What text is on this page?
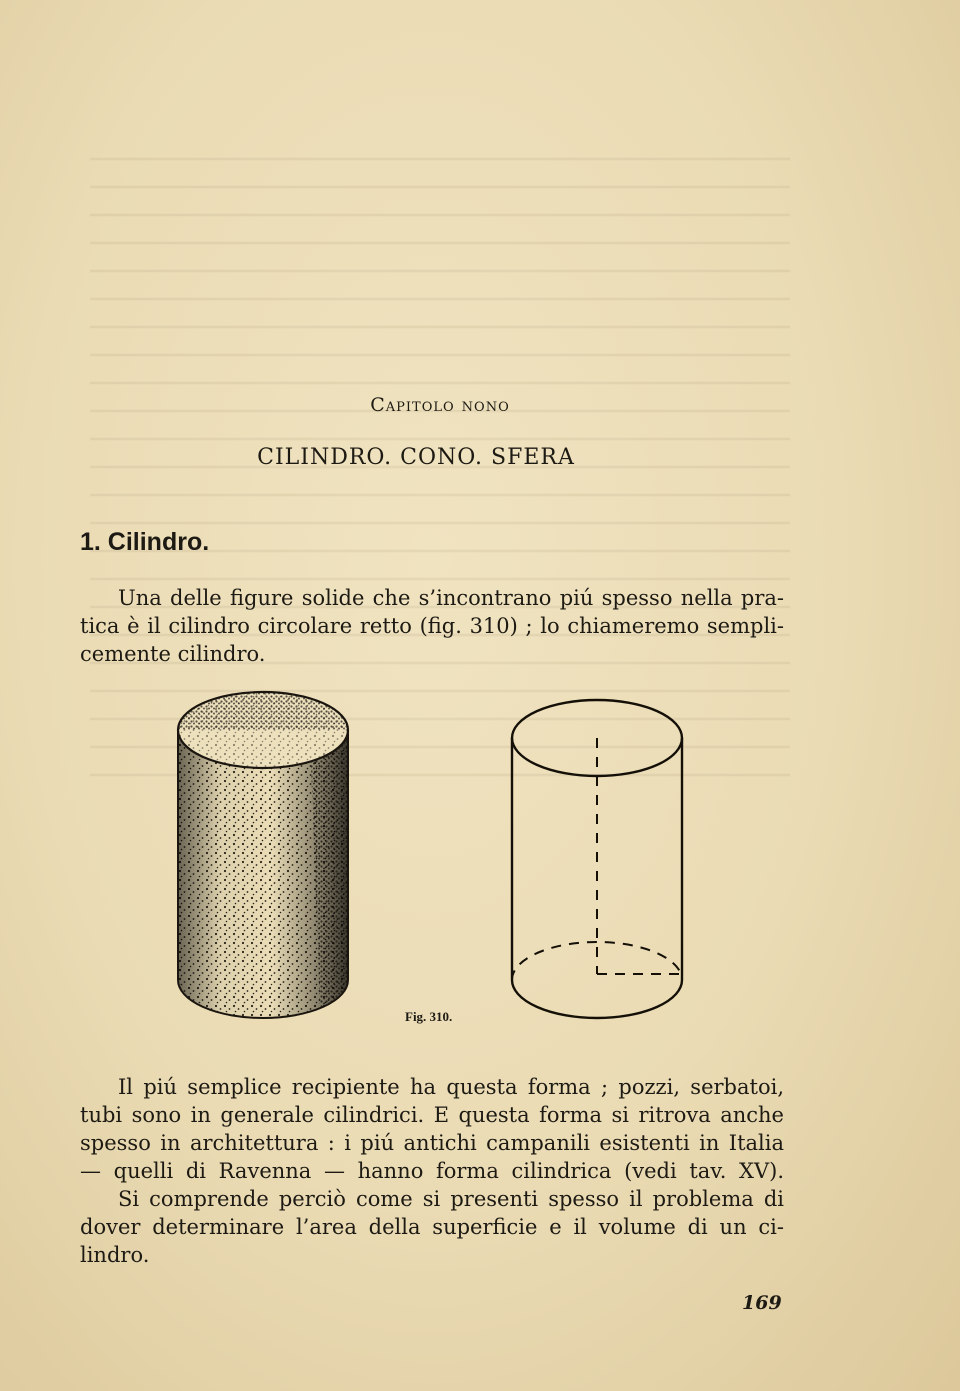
Capitolo nono
CILINDRO. CONO. SFERA
1. Cilindro.
Una delle figure solide che s’incontrano piú spesso nella pra-
tica è il cilindro circolare retto (fig. 310) ; lo chiameremo sempli-
cemente cilindro.
Fig. 310.
Il piú semplice recipiente ha questa forma ; pozzi, serbatoi,
tubi sono in generale cilindrici. E questa forma si ritrova anche
spesso in architettura : i piú antichi campanili esistenti in Italia
— quelli di Ravenna — hanno forma cilindrica (vedi tav. XV).
Si comprende perciò come si presenti spesso il problema di
dover determinare l’area della superficie e il volume di un ci-
lindro.
169
